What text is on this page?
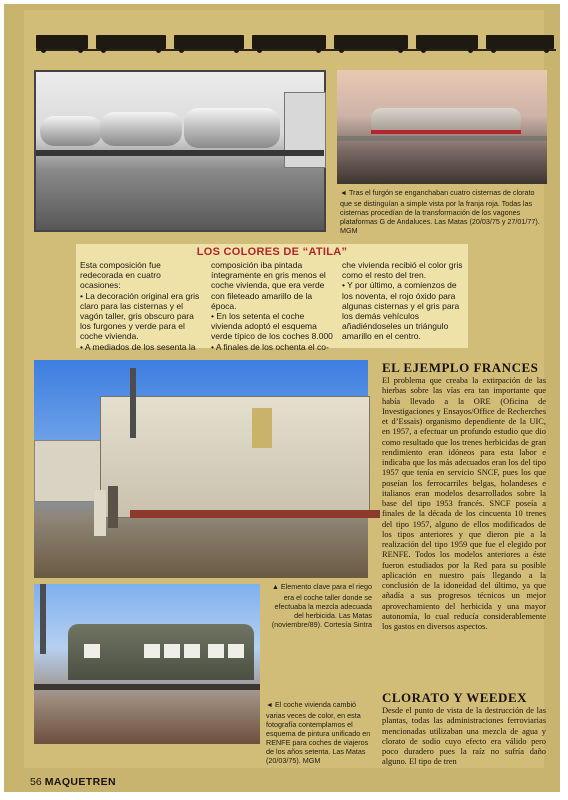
◄ Tras el furgón se enganchaban cuatro cisternas de clorato que se distinguían a simple vista por la franja roja. Todas las cisternas procedían de la transformación de los vagones plataformas G de Andaluces. Las Matas (20/03/75 y 27/01/77). MGM
LOS COLORES DE “ATILA”

Esta composición fue redecorada en cuatro ocasiones:

• La decoración original era gris claro para las cisternas y el vagón taller, gris obscuro para los furgones y verde para el coche vivienda.

• A mediados de los sesenta la

composición iba pintada íntegramente en gris menos el coche vivienda, que era verde con fileteado amarillo de la época.

• En los setenta el coche vivienda adoptó el esquema verde típico de los coches 8.000

• A finales de los ochenta el co-

che vivienda recibió el color gris como el resto del tren.

• Y por último, a comienzos de los noventa, el rojo óxido para algunas cisternas y el gris para los demás vehículos añadiéndoseles un triángulo amarillo en el centro.

▲ Elemento clave para el riego era el coche taller donde se efectuaba la mezcla adecuada del herbicida. Las Matas (noviembre/89). Cortesía Sintra
◄ El coche vivienda cambió varias veces de color, en esta fotografía contemplamos el esquema de pintura unificado en RENFE para coches de viajeros de los años setenta. Las Matas (20/03/75). MGM
EL EJEMPLO FRANCES

El problema que creaba la extirpación de las hierbas sobre las vías era tan importante que había llevado a la ORE (Oficina de Investigaciones y Ensayos/Office de Recherches et d’Essais) organismo dependiente de la UIC, en 1957, a efectuar un profundo estudio que dio como resultado que los trenes herbicidas de gran rendimiento eran idóneos para esta labor e indicaba que los más adecuados eran los del tipo 1957 que tenía en servicio SNCF, pues los que poseían los ferrocarriles belgas, holandeses e italianos eran modelos desarrollados sobre la base del tipo 1953 francés. SNCF poseía a finales de la década de los cincuenta 10 trenes del tipo 1957, alguno de ellos modificados de los tipos anteriores y que dieron pie a la realización del tipo 1959 que fue el elegido por RENFE. Todos los modelos anteriores a éste fueron estudiados por la Red para su posible aplicación en nuestro país llegando a la conclusión de la idoneidad del último, ya que añadía a sus progresos técnicos un mejor aprovechamiento del herbicida y una mayor autonomía, lo cual reducía considerablemente los gastos en diversos aspectos.

CLORATO Y WEEDEX

Desde el punto de vista de la destrucción de las plantas, todas las administraciones ferroviarias mencionadas utilizaban una mezcla de agua y clorato de sodio cuyo efecto era válido pero poco duradero pues la raíz no sufría daño alguno. El tipo de tren

56 MAQUETREN
